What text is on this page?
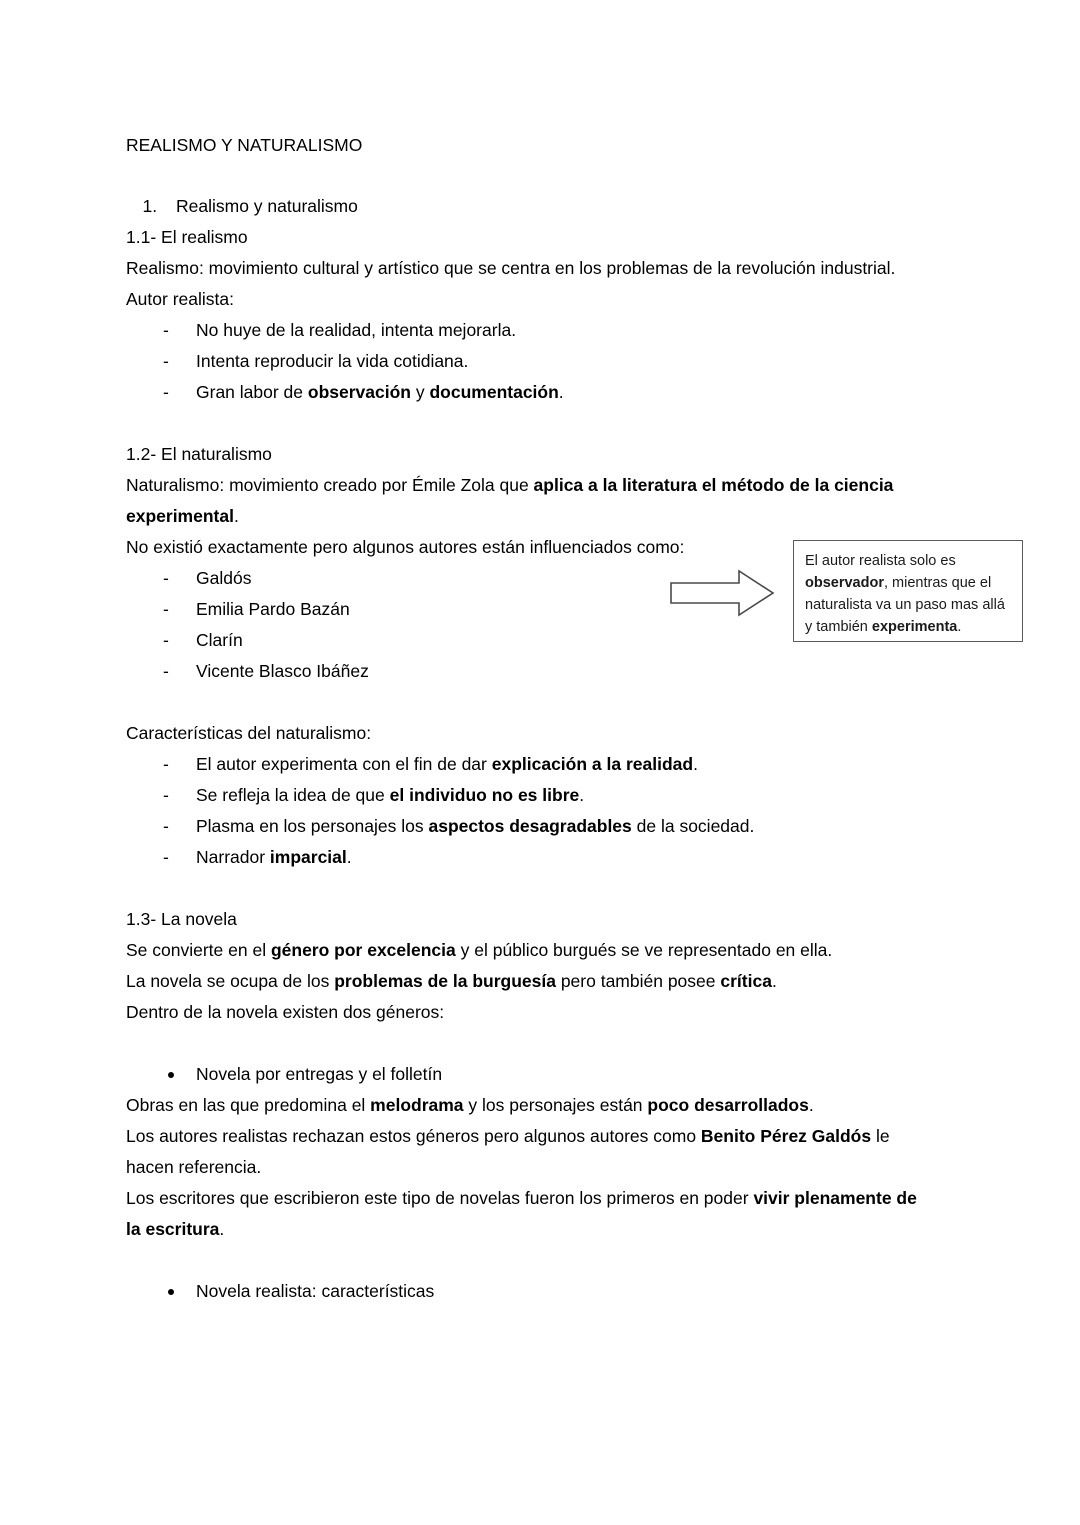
REALISMO Y NATURALISMO

1. Realismo y naturalismo

1.1- El realismo

Realismo: movimiento cultural y artístico que se centra en los problemas de la revolución industrial.

Autor realista:

- No huye de la realidad, intenta mejorarla.
- Intenta reproducir la vida cotidiana.
- Gran labor de observación y documentación.

1.2- El naturalismo

Naturalismo: movimiento creado por Émile Zola que aplica a la literatura el método de la ciencia experimental.

No existió exactamente pero algunos autores están influenciados como:

- Galdós
- Emilia Pardo Bazán
- Clarín
- Vicente Blasco Ibáñez

Características del naturalismo:

- El autor experimenta con el fin de dar explicación a la realidad.
- Se refleja la idea de que el individuo no es libre.
- Plasma en los personajes los aspectos desagradables de la sociedad.
- Narrador imparcial.

1.3- La novela

Se convierte en el género por excelencia y el público burgués se ve representado en ella.

La novela se ocupa de los problemas de la burguesía pero también posee crítica.

Dentro de la novela existen dos géneros:

Novela por entregas y el folletín

Obras en las que predomina el melodrama y los personajes están poco desarrollados.

Los autores realistas rechazan estos géneros pero algunos autores como Benito Pérez Galdós le hacen referencia.

Los escritores que escribieron este tipo de novelas fueron los primeros en poder vivir plenamente de la escritura.

Novela realista: características

El autor realista solo es observador, mientras que el naturalista va un paso mas allá y también experimenta.
